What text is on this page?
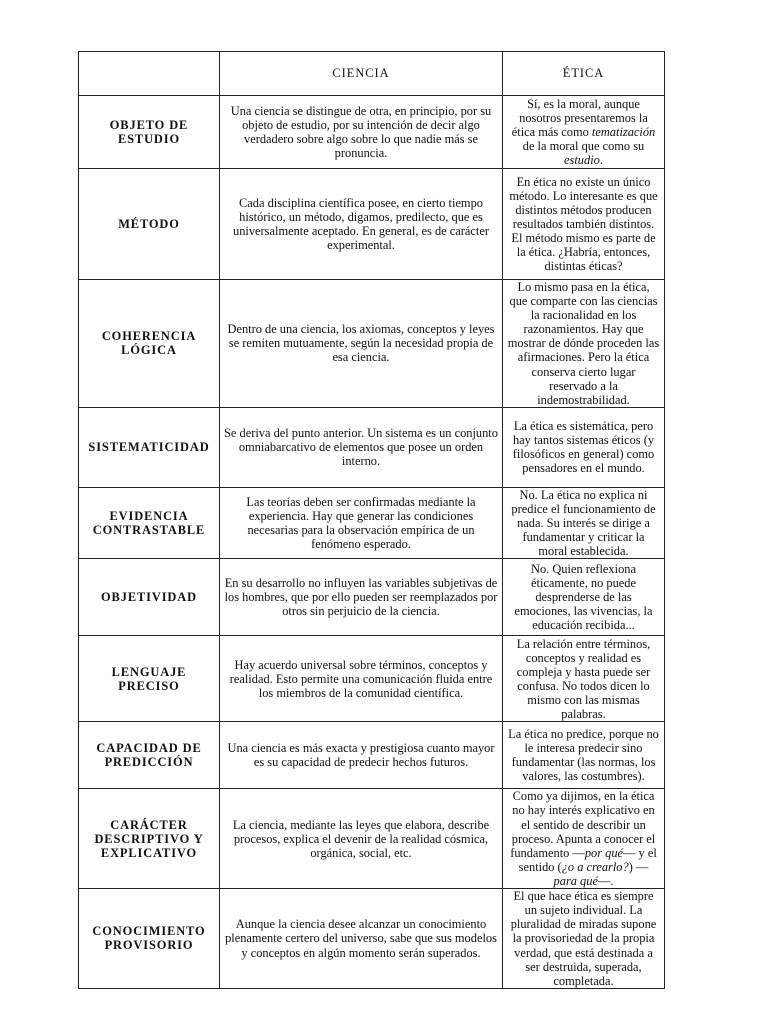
	CIENCIA	ÉTICA
OBJETO DE ESTUDIO	Una ciencia se distingue de otra, en principio, por su objeto de estudio, por su intención de decir algo verdadero sobre algo sobre lo que nadie más se pronuncia.	Sí, es la moral, aunque nosotros presentaremos la ética más como tematización de la moral que como su estudio.
MÉTODO	Cada disciplina científica posee, en cierto tiempo histórico, un método, digamos, predilecto, que es universalmente aceptado. En general, es de carácter experimental.	En ética no existe un único método. Lo interesante es que distintos métodos producen resultados también distintos. El método mismo es parte de la ética. ¿Habría, entonces, distintas éticas?
COHERENCIA LÓGICA	Dentro de una ciencia, los axiomas, conceptos y leyes se remiten mutuamente, según la necesidad propia de esa ciencia.	Lo mismo pasa en la ética, que comparte con las ciencias la racionalidad en los razonamientos. Hay que mostrar de dónde proceden las afirmaciones. Pero la ética conserva cierto lugar reservado a la indemostrabilidad.
SISTEMATICIDAD	Se deriva del punto anterior. Un sistema es un conjunto omniabarcativo de elementos que posee un orden interno.	La ética es sistemática, pero hay tantos sistemas éticos (y filosóficos en general) como pensadores en el mundo.
EVIDENCIA CONTRASTABLE	Las teorías deben ser confirmadas mediante la experiencia. Hay que generar las condiciones necesarias para la observación empírica de un fenómeno esperado.	No. La ética no explica ni predice el funcionamiento de nada. Su interés se dirige a fundamentar y criticar la moral establecida.
OBJETIVIDAD	En su desarrollo no influyen las variables subjetivas de los hombres, que por ello pueden ser reemplazados por otros sin perjuicio de la ciencia.	No. Quien reflexiona éticamente, no puede desprenderse de las emociones, las vivencias, la educación recibida...
LENGUAJE PRECISO	Hay acuerdo universal sobre términos, conceptos y realidad. Esto permite una comunicación fluida entre los miembros de la comunidad científica.	La relación entre términos, conceptos y realidad es compleja y hasta puede ser confusa. No todos dicen lo mismo con las mismas palabras.
CAPACIDAD DE PREDICCIÓN	Una ciencia es más exacta y prestigiosa cuanto mayor es su capacidad de predecir hechos futuros.	La ética no predice, porque no le interesa predecir sino fundamentar (las normas, los valores, las costumbres).
CARÁCTER DESCRIPTIVO Y EXPLICATIVO	La ciencia, mediante las leyes que elabora, describe procesos, explica el devenir de la realidad cósmica, orgánica, social, etc.	Como ya dijimos, en la ética no hay interés explicativo en el sentido de describir un proceso. Apunta a conocer el fundamento —por qué— y el sentido (¿o a crearlo?) — para qué—.
CONOCIMIENTO PROVISORIO	Aunque la ciencia desee alcanzar un conocimiento plenamente certero del universo, sabe que sus modelos y conceptos en algún momento serán superados.	El que hace ética es siempre un sujeto individual. La pluralidad de miradas supone la provisoriedad de la propia verdad, que está destinada a ser destruida, superada, completada.
